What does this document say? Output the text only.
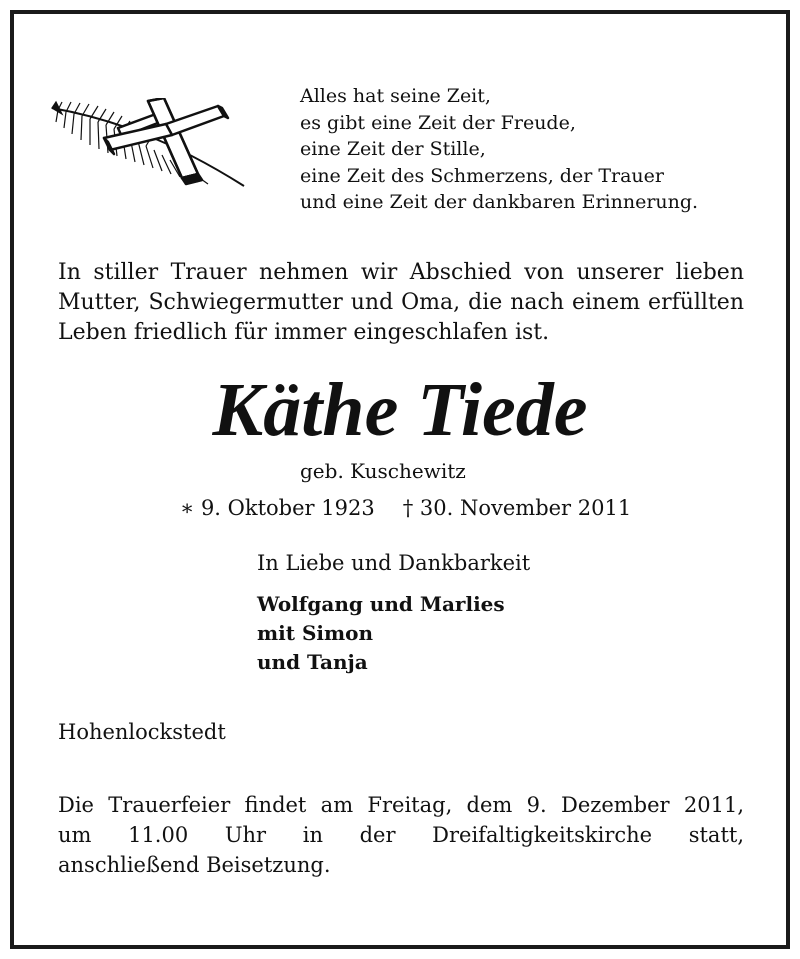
Alles hat seine Zeit,
es gibt eine Zeit der Freude,
eine Zeit der Stille,
eine Zeit des Schmerzens, der Trauer
und eine Zeit der dankbaren Erinnerung.
In stiller Trauer nehmen wir Abschied von unserer lieben Mutter, Schwiegermutter und Oma, die nach einem erfüllten Leben friedlich für immer eingeschlafen ist.
Käthe Tiede
geb. Kuschewitz
∗ 9. Oktober 1923 † 30. November 2011
In Liebe und Dankbarkeit
Wolfgang und Marlies
mit Simon
und Tanja
Hohenlockstedt
Die Trauerfeier findet am Freitag, dem 9. Dezember 2011,
um 11.00 Uhr in der Dreifaltigkeitskirche statt,
anschließend Beisetzung.
